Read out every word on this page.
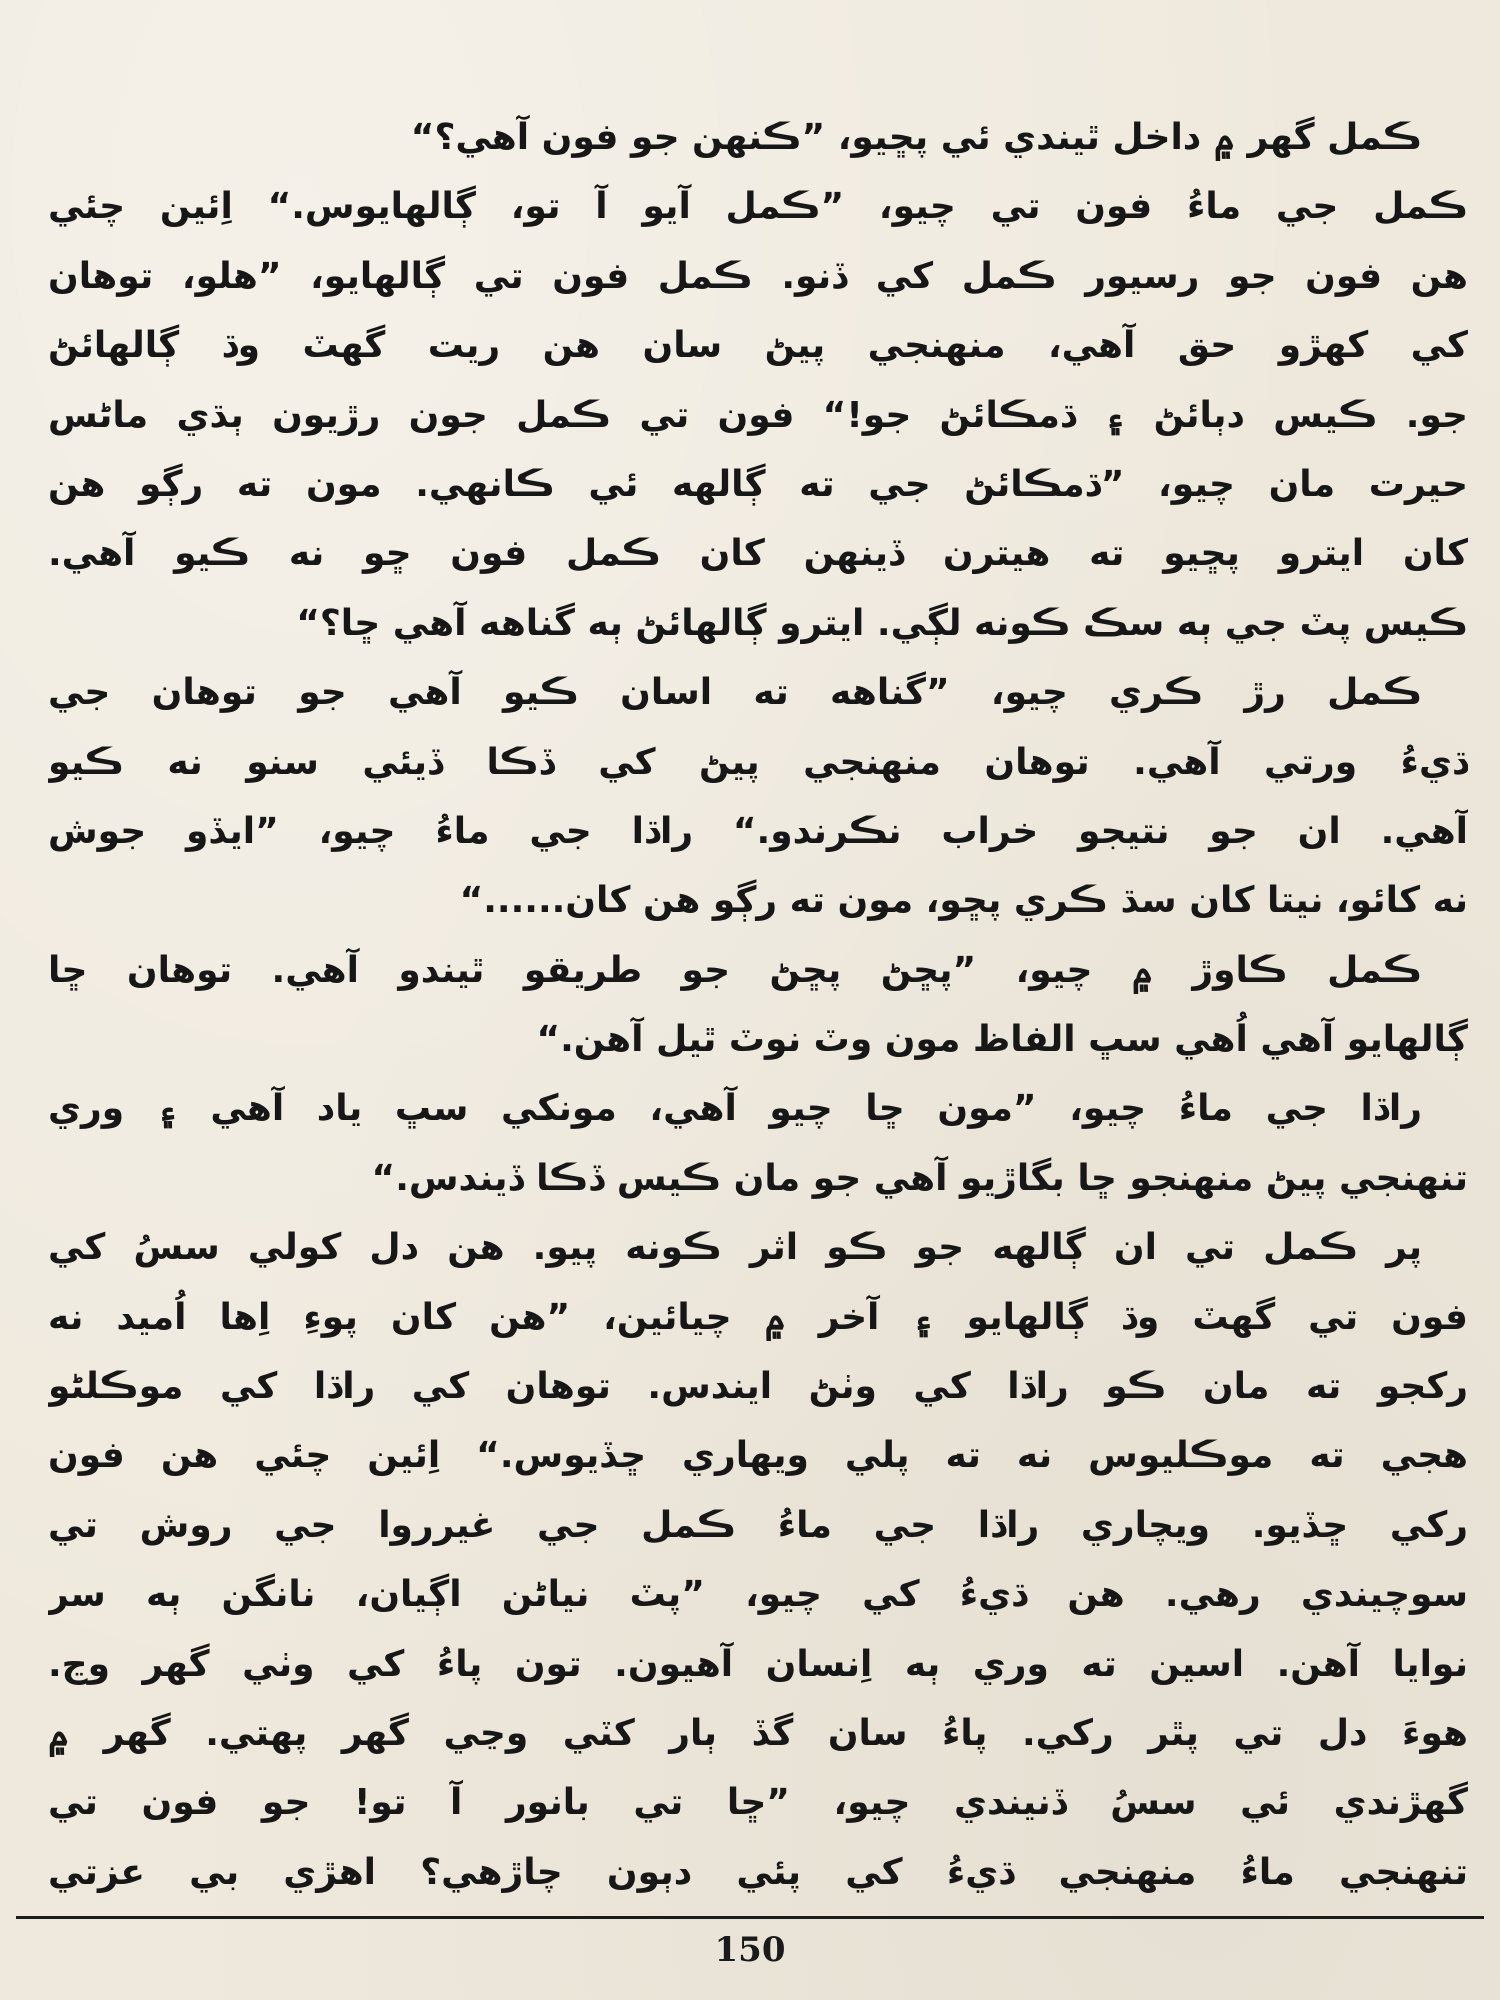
ڪمل گهر ۾ داخل ٿيندي ئي پڇيو، ”ڪنهن جو فون آهي؟“
ڪمل جي ماءُ فون تي چيو، ”ڪمل آيو آ تو، ڳالهايوس.“ اِئين چئي
هن فون جو رسيور ڪمل کي ڏنو. ڪمل فون تي ڳالهايو، ”هلو، توهان
کي کهڙو حق آهي، منهنجي پيڻ سان هن ريت گهٽ وڌ ڳالهائڻ
جو. ڪيس دٻائڻ ۽ ڌمڪائڻ جو!“ فون تي ڪمل جون رڙيون ٻڌي ماڻس
حيرت مان چيو، ”ڌمڪائڻ جي ته ڳالهه ئي ڪانهي. مون ته رڳو هن
کان ايترو پڇيو ته هيترن ڏينهن کان ڪمل فون ڇو نه ڪيو آهي.
ڪيس پٽ جي ٻه سڪ ڪونه لڳي. ايترو ڳالهائڻ ٻه گناهه آهي ڇا؟“
ڪمل رڙ ڪري چيو، ”گناهه ته اسان ڪيو آهي جو توهان جي
ڌيءُ ورتي آهي. توهان منهنجي پيڻ کي ڏڪا ڏيئي سنو نه ڪيو
آهي. ان جو نتيجو خراب نڪرندو.“ راڌا جي ماءُ چيو، ”ايڏو جوش
نه کائو، نيتا کان سڌ ڪري پڇو، مون ته رڳو هن کان......“
ڪمل ڪاوڙ ۾ چيو، ”پڇڻ پڇڻ جو طريقو ٿيندو آهي. توهان ڇا
ڳالهايو آهي اُهي سڀ الفاظ مون وٽ نوٽ ٿيل آهن.“
راڌا جي ماءُ چيو، ”مون ڇا چيو آهي، مونکي سڀ ياد آهي ۽ وري
تنهنجي پيڻ منهنجو ڇا بگاڙيو آهي جو مان ڪيس ڏڪا ڏيندس.“
پر ڪمل تي ان ڳالهه جو ڪو اثر ڪونه پيو. هن دل کولي سسُ کي
فون تي گهٽ وڌ ڳالهايو ۽ آخر ۾ چيائين، ”هن کان پوءِ اِها اُميد نه
رکجو ته مان ڪو راڌا کي وٺڻ ايندس. توهان کي راڌا کي موڪلڻو
هجي ته موڪليوس نه ته پلي ويهاري ڇڏيوس.“ اِئين چئي هن فون
رکي ڇڏيو. ويچاري راڌا جي ماءُ ڪمل جي غيرروا جي روش تي
سوچيندي رهي. هن ڌيءُ کي چيو، ”پٽ نياڻن اڳيان، نانگن ٻه سر
نوايا آهن. اسين ته وري ٻه اِنسان آهيون. تون پاءُ کي وٺي گهر وڃ.
هوءَ دل تي پٿر رکي. پاءُ سان گڏ ٻار کٽي وڃي گهر پهتي. گهر ۾
گهڙندي ئي سسُ ڏنيندي چيو، ”ڇا تي بانور آ تو! جو فون تي
تنهنجي ماءُ منهنجي ڌيءُ کي پئي دٻون چاڙهي؟ اهڙي بي عزتي
150
